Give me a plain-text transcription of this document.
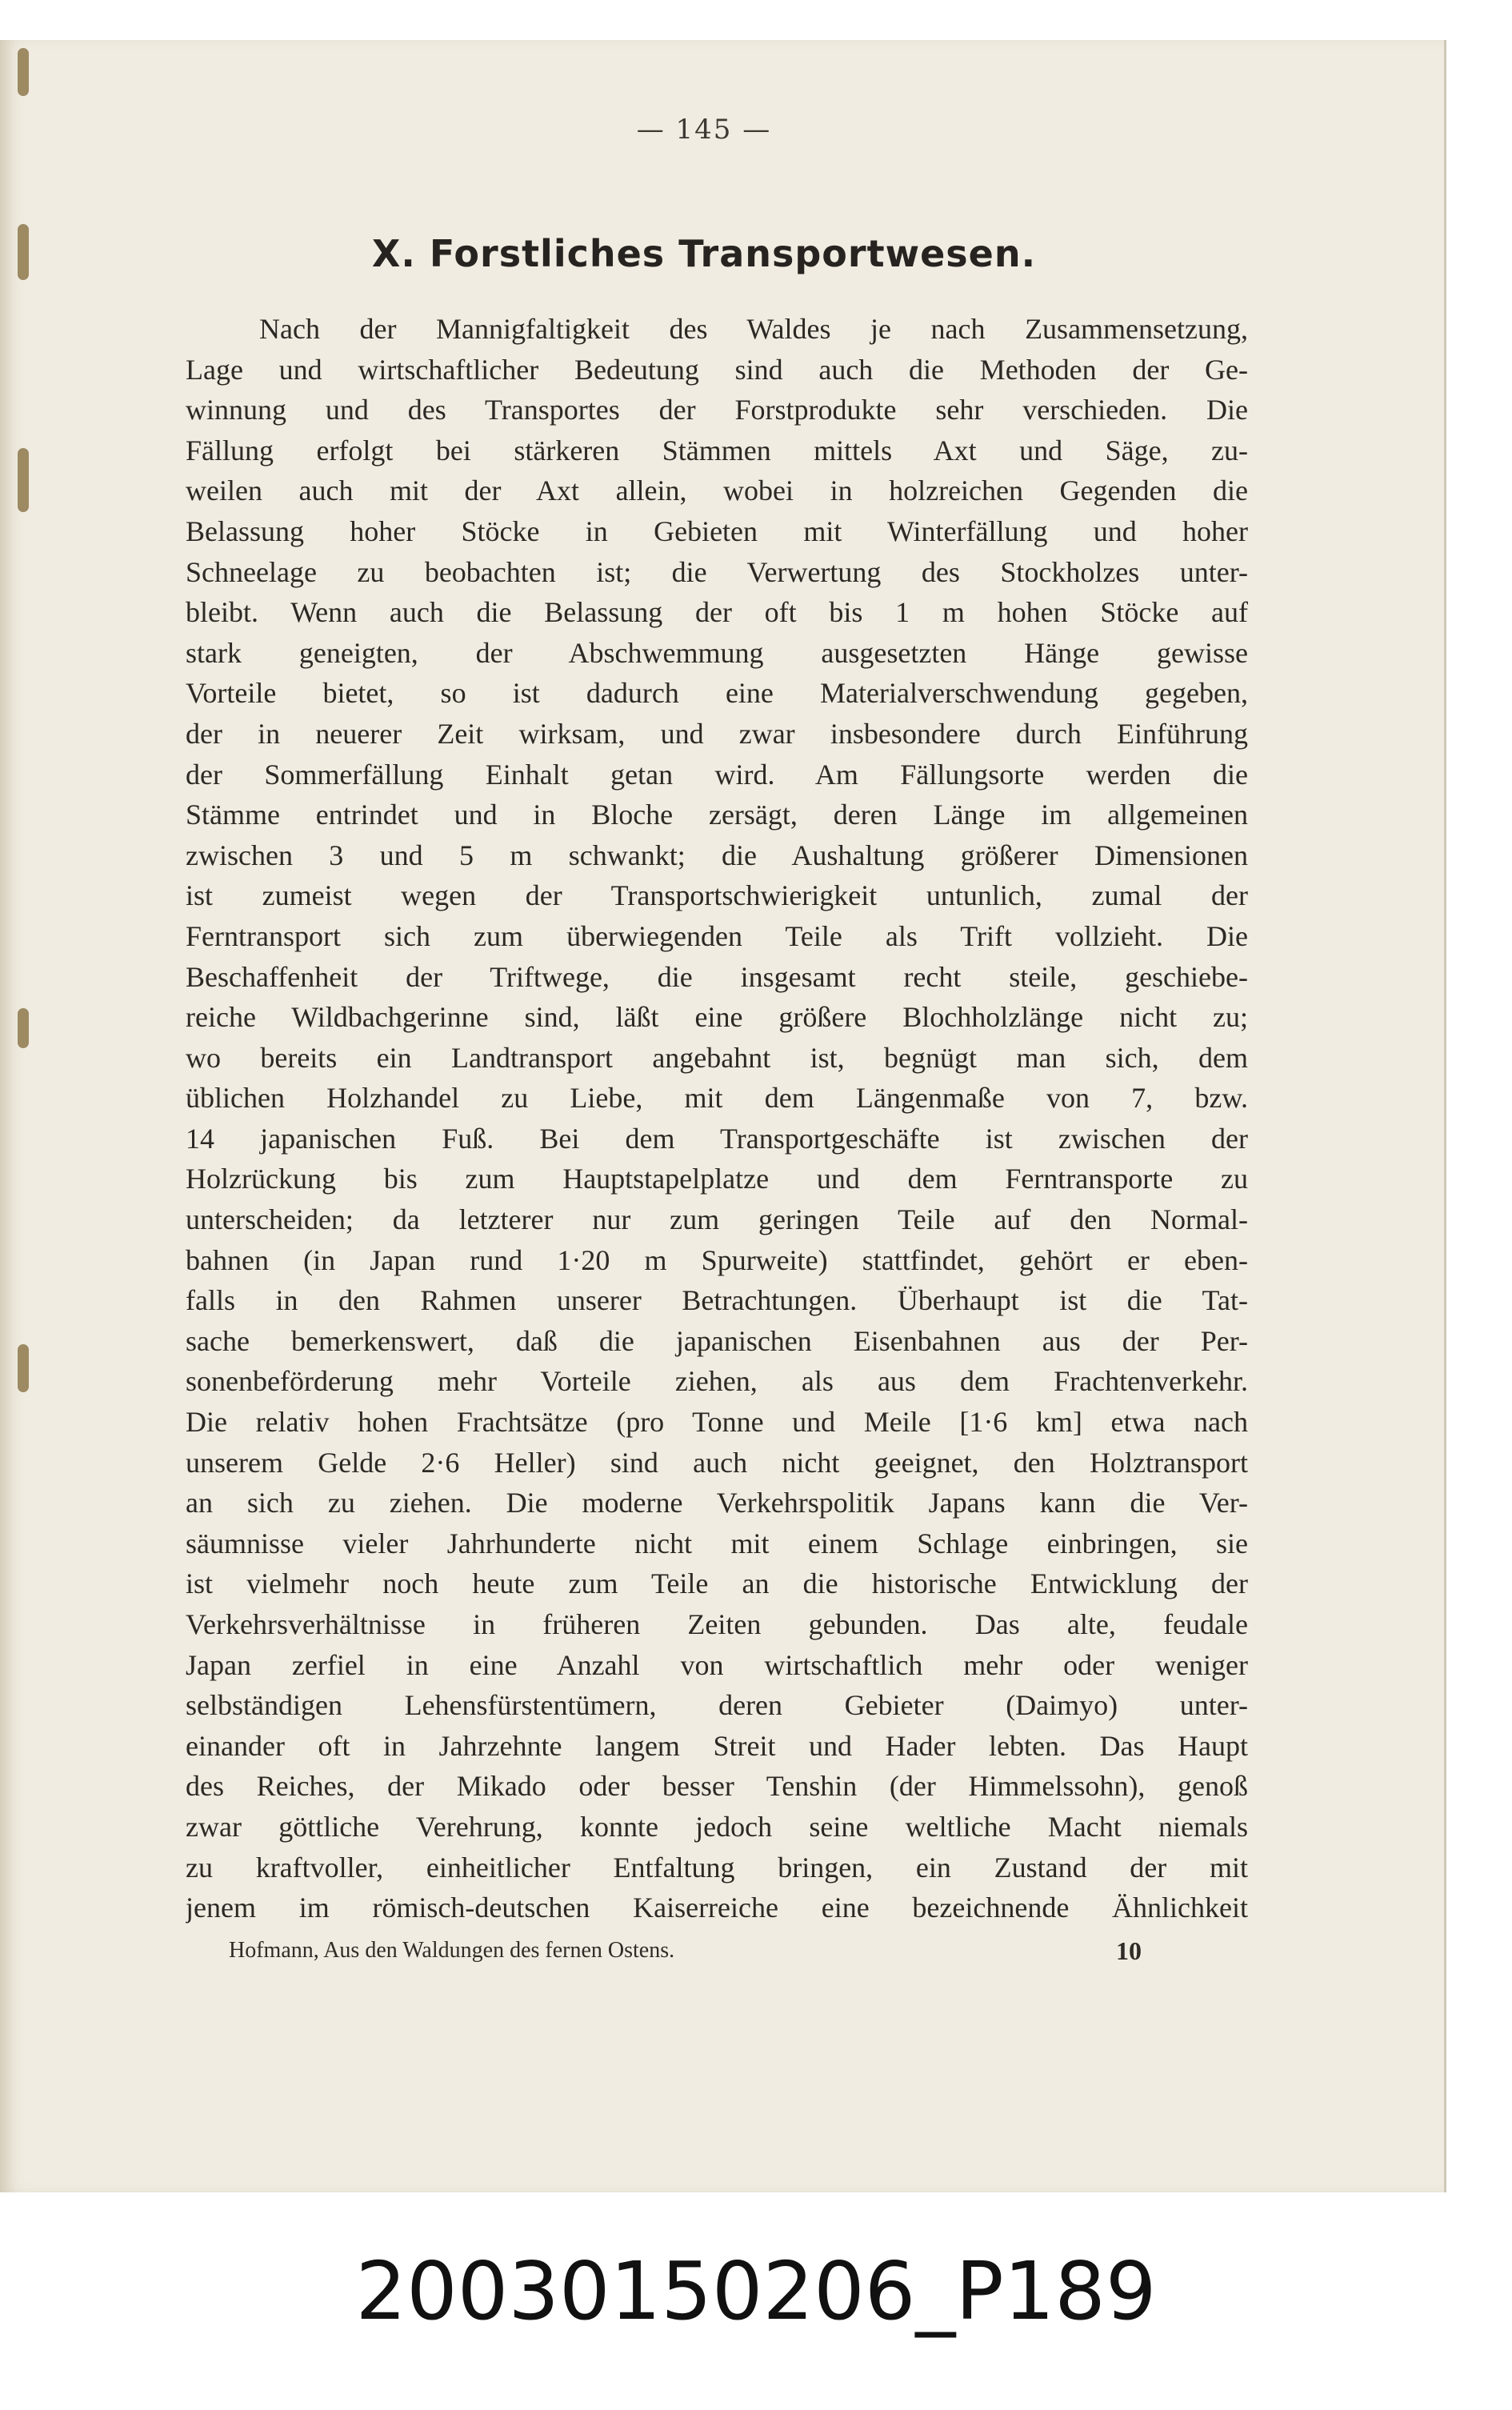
— 145 —
X. Forstliches Transportwesen.
Nach der Mannigfaltigkeit des Waldes je nach Zusammensetzung,
Lage und wirtschaftlicher Bedeutung sind auch die Methoden der Ge-
winnung und des Transportes der Forstprodukte sehr verschieden. Die
Fällung erfolgt bei stärkeren Stämmen mittels Axt und Säge, zu-
weilen auch mit der Axt allein, wobei in holzreichen Gegenden die
Belassung hoher Stöcke in Gebieten mit Winterfällung und hoher
Schneelage zu beobachten ist; die Verwertung des Stockholzes unter-
bleibt. Wenn auch die Belassung der oft bis 1 m hohen Stöcke auf
stark geneigten, der Abschwemmung ausgesetzten Hänge gewisse
Vorteile bietet, so ist dadurch eine Materialverschwendung gegeben,
der in neuerer Zeit wirksam, und zwar insbesondere durch Einführung
der Sommerfällung Einhalt getan wird. Am Fällungsorte werden die
Stämme entrindet und in Bloche zersägt, deren Länge im allgemeinen
zwischen 3 und 5 m schwankt; die Aushaltung größerer Dimensionen
ist zumeist wegen der Transportschwierigkeit untunlich, zumal der
Ferntransport sich zum überwiegenden Teile als Trift vollzieht. Die
Beschaffenheit der Triftwege, die insgesamt recht steile, geschiebe-
reiche Wildbachgerinne sind, läßt eine größere Blochholzlänge nicht zu;
wo bereits ein Landtransport angebahnt ist, begnügt man sich, dem
üblichen Holzhandel zu Liebe, mit dem Längenmaße von 7, bzw.
14 japanischen Fuß. Bei dem Transportgeschäfte ist zwischen der
Holzrückung bis zum Hauptstapelplatze und dem Ferntransporte zu
unterscheiden; da letzterer nur zum geringen Teile auf den Normal-
bahnen (in Japan rund 1·20 m Spurweite) stattfindet, gehört er eben-
falls in den Rahmen unserer Betrachtungen. Überhaupt ist die Tat-
sache bemerkenswert, daß die japanischen Eisenbahnen aus der Per-
sonenbeförderung mehr Vorteile ziehen, als aus dem Frachtenverkehr.
Die relativ hohen Frachtsätze (pro Tonne und Meile [1·6 km] etwa nach
unserem Gelde 2·6 Heller) sind auch nicht geeignet, den Holztransport
an sich zu ziehen. Die moderne Verkehrspolitik Japans kann die Ver-
säumnisse vieler Jahrhunderte nicht mit einem Schlage einbringen, sie
ist vielmehr noch heute zum Teile an die historische Entwicklung der
Verkehrsverhältnisse in früheren Zeiten gebunden. Das alte, feudale
Japan zerfiel in eine Anzahl von wirtschaftlich mehr oder weniger
selbständigen Lehensfürstentümern, deren Gebieter (Daimyo) unter-
einander oft in Jahrzehnte langem Streit und Hader lebten. Das Haupt
des Reiches, der Mikado oder besser Tenshin (der Himmelssohn), genoß
zwar göttliche Verehrung, konnte jedoch seine weltliche Macht niemals
zu kraftvoller, einheitlicher Entfaltung bringen, ein Zustand der mit
jenem im römisch-deutschen Kaiserreiche eine bezeichnende Ähnlichkeit
Hofmann, Aus den Waldungen des fernen Ostens.	10
20030150206_P189
